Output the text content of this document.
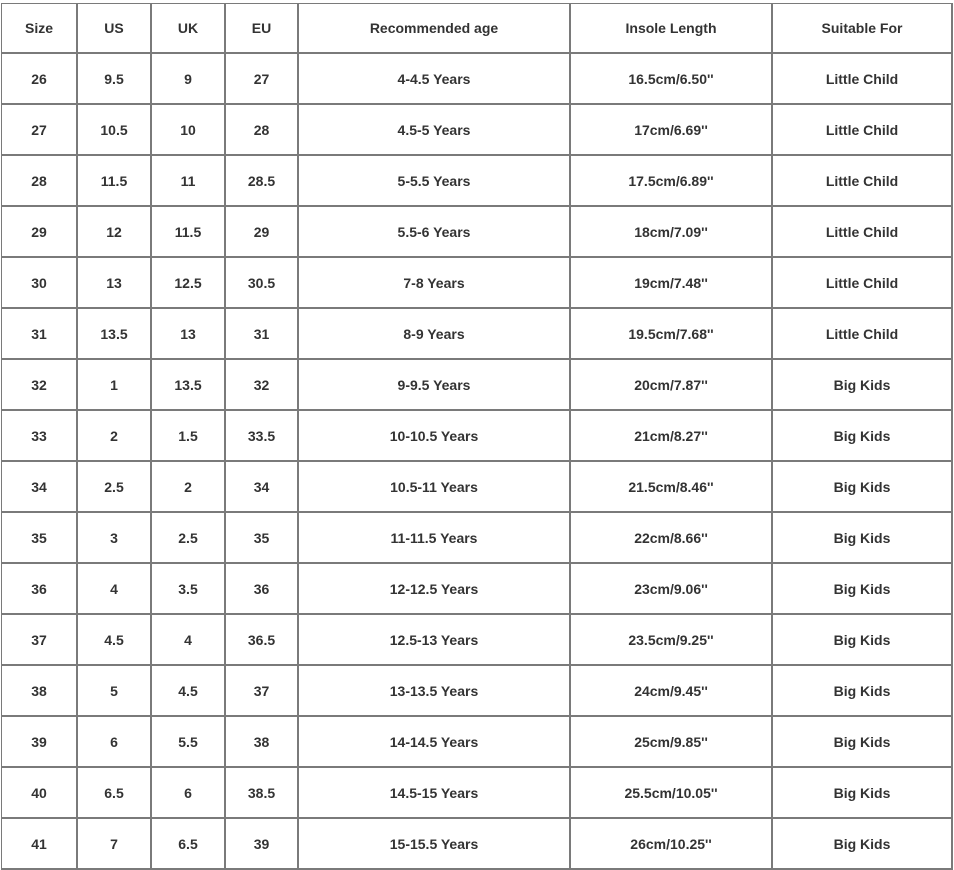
Size	US	UK	EU	Recommended age	Insole Length	Suitable For
26	9.5	9	27	4-4.5 Years	16.5cm/6.50''	Little Child
27	10.5	10	28	4.5-5 Years	17cm/6.69''	Little Child
28	11.5	11	28.5	5-5.5 Years	17.5cm/6.89''	Little Child
29	12	11.5	29	5.5-6 Years	18cm/7.09''	Little Child
30	13	12.5	30.5	7-8 Years	19cm/7.48''	Little Child
31	13.5	13	31	8-9 Years	19.5cm/7.68''	Little Child
32	1	13.5	32	9-9.5 Years	20cm/7.87''	Big Kids
33	2	1.5	33.5	10-10.5 Years	21cm/8.27''	Big Kids
34	2.5	2	34	10.5-11 Years	21.5cm/8.46''	Big Kids
35	3	2.5	35	11-11.5 Years	22cm/8.66''	Big Kids
36	4	3.5	36	12-12.5 Years	23cm/9.06''	Big Kids
37	4.5	4	36.5	12.5-13 Years	23.5cm/9.25''	Big Kids
38	5	4.5	37	13-13.5 Years	24cm/9.45''	Big Kids
39	6	5.5	38	14-14.5 Years	25cm/9.85''	Big Kids
40	6.5	6	38.5	14.5-15 Years	25.5cm/10.05''	Big Kids
41	7	6.5	39	15-15.5 Years	26cm/10.25''	Big Kids
